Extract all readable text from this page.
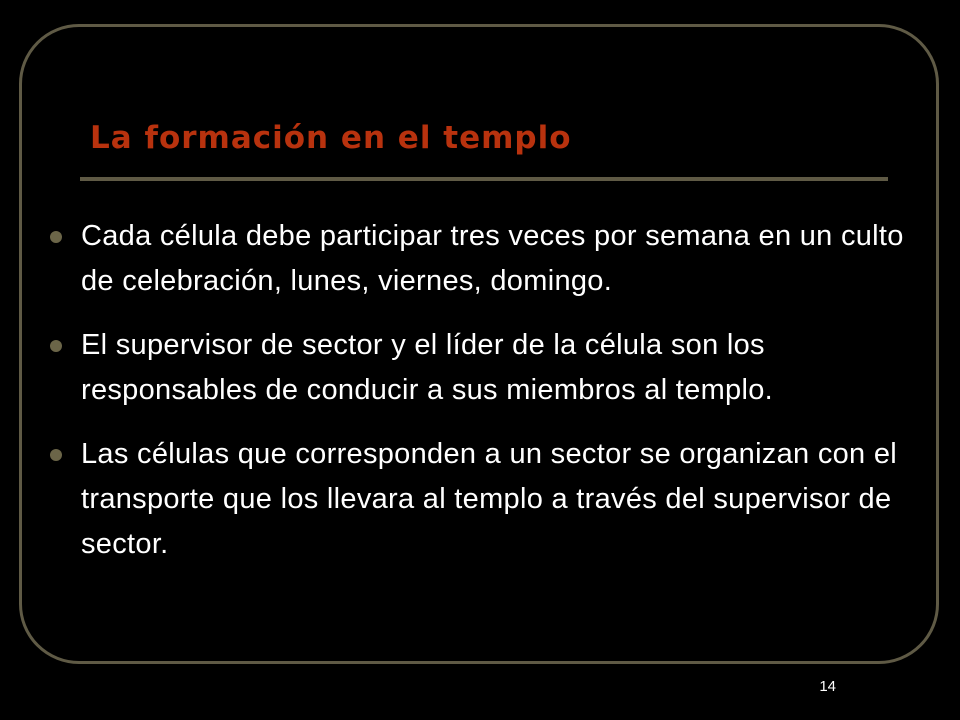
La formación en el templo
Cada célula debe participar tres veces por semana en un culto de celebración, lunes, viernes, domingo.
El supervisor de sector y el líder de la célula son los responsables de conducir a sus miembros al templo.
Las células que corresponden a un sector se organizan con el transporte que los llevara al templo a través del supervisor de sector.
14
